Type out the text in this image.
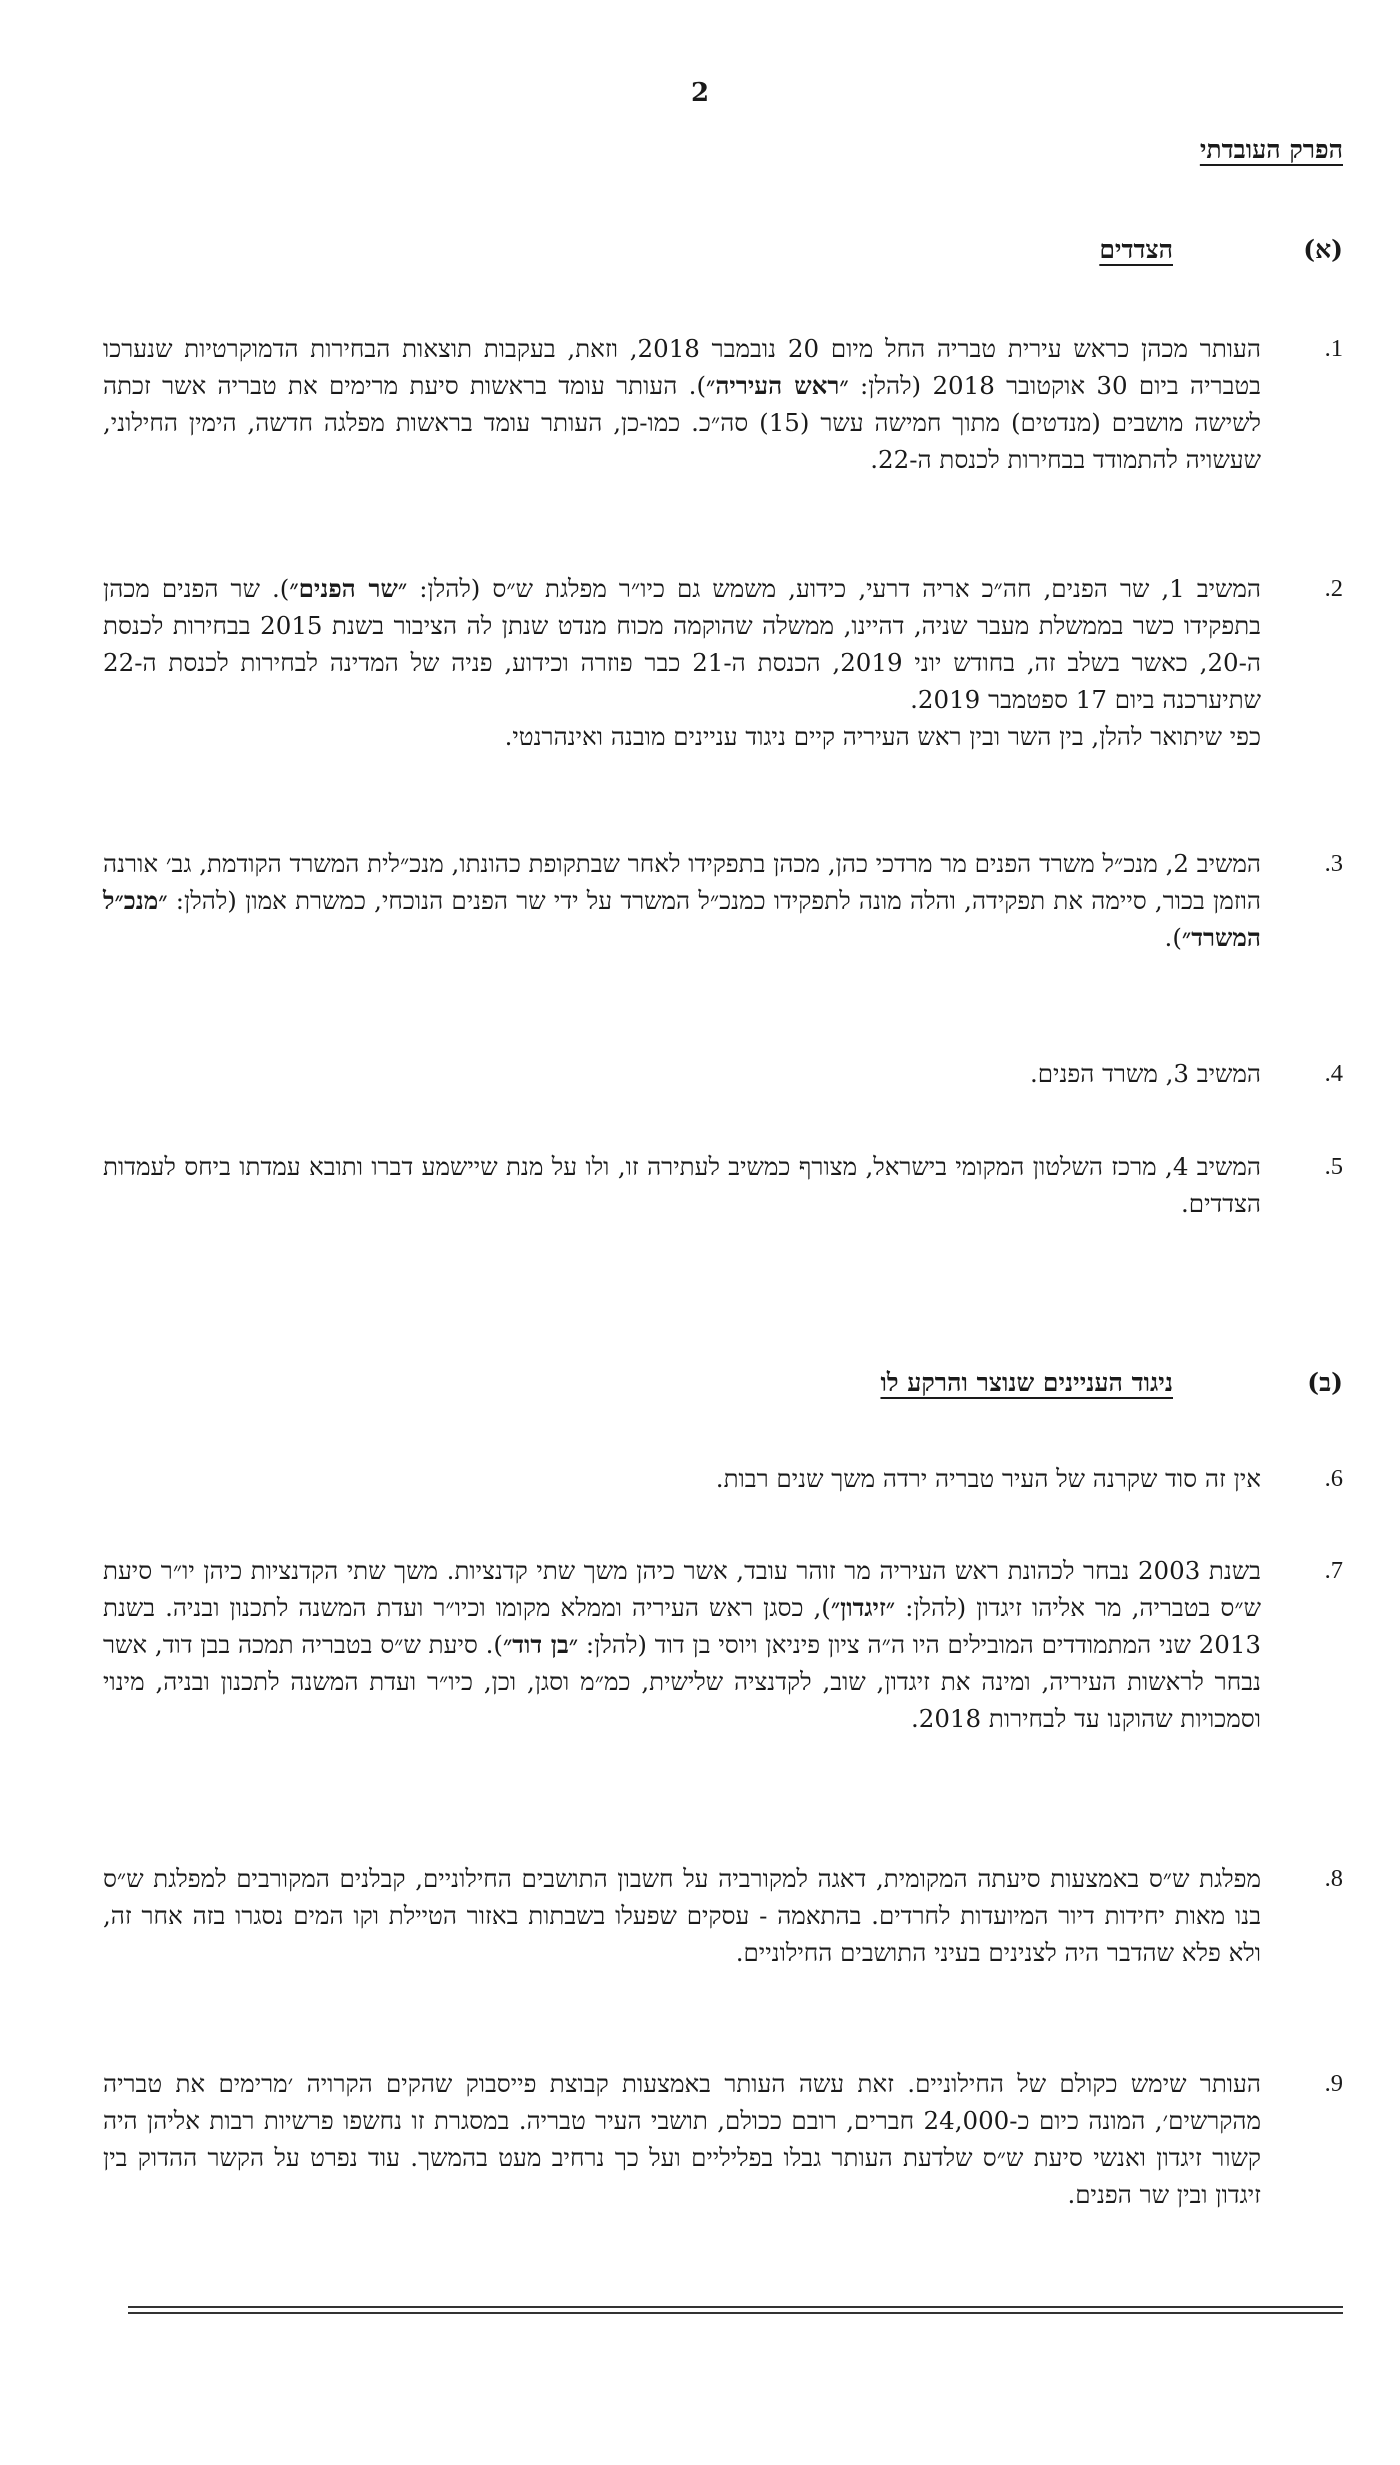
2
הפרק העובדתי
(א)הצדדים
1.
העותר מכהן כראש עירית טבריה החל מיום 20 נובמבר 2018, וזאת, בעקבות תוצאות הבחירות הדמוקרטיות שנערכו בטבריה ביום 30 אוקטובר 2018 (להלן: ״ראש העיריה״). העותר עומד בראשות סיעת מרימים את טבריה אשר זכתה לשישה מושבים (מנדטים) מתוך חמישה עשר (15) סה״כ. כמו-כן, העותר עומד בראשות מפלגה חדשה, הימין החילוני, שעשויה להתמודד בבחירות לכנסת ה-22.
2.
המשיב 1, שר הפנים, חה״כ אריה דרעי, כידוע, משמש גם כיו״ר מפלגת ש״ס (להלן: ״שר הפנים״). שר הפנים מכהן בתפקידו כשר בממשלת מעבר שניה, דהיינו, ממשלה שהוקמה מכוח מנדט שנתן לה הציבור בשנת 2015 בבחירות לכנסת ה-20, כאשר בשלב זה, בחודש יוני 2019, הכנסת ה-21 כבר פוזרה וכידוע, פניה של המדינה לבחירות לכנסת ה-22 שתיערכנה ביום 17 ספטמבר 2019.
כפי שיתואר להלן, בין השר ובין ראש העיריה קיים ניגוד עניינים מובנה ואינהרנטי.
3.
המשיב 2, מנכ״ל משרד הפנים מר מרדכי כהן, מכהן בתפקידו לאחר שבתקופת כהונתו, מנכ״לית המשרד הקודמת, גב׳ אורנה הוזמן בכור, סיימה את תפקידה, והלה מונה לתפקידו כמנכ״ל המשרד על ידי שר הפנים הנוכחי, כמשרת אמון (להלן: ״מנכ״ל המשרד״).
4.
המשיב 3, משרד הפנים.
5.
המשיב 4, מרכז השלטון המקומי בישראל, מצורף כמשיב לעתירה זו, ולו על מנת שיישמע דברו ותובא עמדתו ביחס לעמדות הצדדים.
(ב)ניגוד העניינים שנוצר והרקע לו
6.
אין זה סוד שקרנה של העיר טבריה ירדה משך שנים רבות.
7.
בשנת 2003 נבחר לכהונת ראש העיריה מר זוהר עובד, אשר כיהן משך שתי קדנציות. משך שתי הקדנציות כיהן יו״ר סיעת ש״ס בטבריה, מר אליהו זיגדון (להלן: ״זיגדון״), כסגן ראש העיריה וממלא מקומו וכיו״ר ועדת המשנה לתכנון ובניה. בשנת 2013 שני המתמודדים המובילים היו ה״ה ציון פיניאן ויוסי בן דוד (להלן: ״בן דוד״). סיעת ש״ס בטבריה תמכה בבן דוד, אשר נבחר לראשות העיריה, ומינה את זיגדון, שוב, לקדנציה שלישית, כמ״מ וסגן, וכן, כיו״ר ועדת המשנה לתכנון ובניה, מינוי וסמכויות שהוקנו עד לבחירות 2018.
8.
מפלגת ש״ס באמצעות סיעתה המקומית, דאגה למקורביה על חשבון התושבים החילוניים, קבלנים המקורבים למפלגת ש״ס בנו מאות יחידות דיור המיועדות לחרדים. בהתאמה - עסקים שפעלו בשבתות באזור הטיילת וקו המים נסגרו בזה אחר זה, ולא פלא שהדבר היה לצנינים בעיני התושבים החילוניים.
9.
העותר שימש כקולם של החילוניים. זאת עשה העותר באמצעות קבוצת פייסבוק שהקים הקרויה ׳מרימים את טבריה מהקרשים׳, המונה כיום כ-24,000 חברים, רובם ככולם, תושבי העיר טבריה. במסגרת זו נחשפו פרשיות רבות אליהן היה קשור זיגדון ואנשי סיעת ש״ס שלדעת העותר גבלו בפליליים ועל כך נרחיב מעט בהמשך. עוד נפרט על הקשר ההדוק בין זיגדון ובין שר הפנים.
